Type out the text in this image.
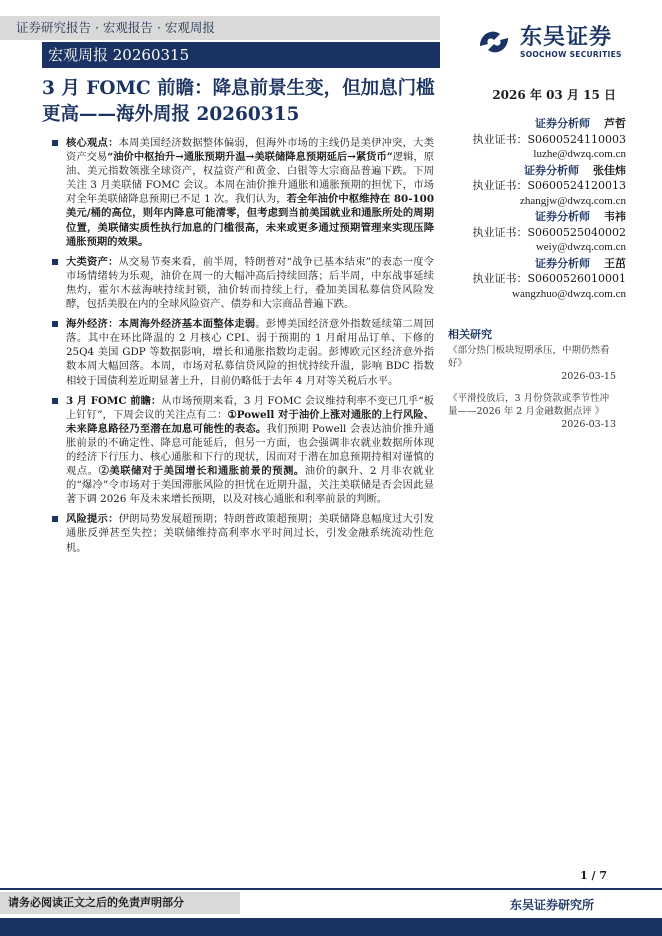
证券研究报告 · 宏观报告 · 宏观周报
宏观周报 20260315
东吴证券
SOOCHOW SECURITIES
3 月 FOMC 前瞻：降息前景生变，但加息门槛更高——海外周报 20260315
2026 年 03 月 15 日
核心观点：本周美国经济数据整体偏弱，但海外市场的主线仍是美伊冲突，大类资产交易“油价中枢抬升→通胀预期升温→美联储降息预期延后→紧货币”逻辑，原油、美元指数领涨全球资产，权益资产和黄金、白银等大宗商品普遍下跌。下周关注 3 月美联储 FOMC 会议。本周在油价推升通胀和通胀预期的担忧下，市场对全年美联储降息预期已不足 1 次。我们认为，若全年油价中枢维持在 80-100 美元/桶的高位，则年内降息可能清零，但考虑到当前美国就业和通胀所处的周期位置，美联储实质性执行加息的门槛很高，未来或更多通过预期管理来实现压降通胀预期的效果。
大类资产：从交易节奏来看，前半周，特朗普对“战争已基本结束”的表态一度令市场情绪转为乐观，油价在周一的大幅冲高后持续回落；后半周，中东战事延续焦灼，霍尔木兹海峡持续封锁，油价转而持续上行，叠加美国私募信贷风险发酵，包括美股在内的全球风险资产、债券和大宗商品普遍下跌。
海外经济：本周海外经济基本面整体走弱。彭博美国经济意外指数延续第二周回落。其中在环比降温的 2 月核心 CPI、弱于预期的 1 月耐用品订单、下修的 25Q4 美国 GDP 等数据影响，增长和通胀指数均走弱。彭博欧元区经济意外指数本周大幅回落。本周，市场对私募信贷风险的担忧持续升温，影响 BDC 指数相较于国债利差近期显著上升，目前仍略低于去年 4 月对等关税后水平。
3 月 FOMC 前瞻：从市场预期来看，3 月 FOMC 会议维持利率不变已几乎“板上钉钉”，下周会议的关注点有二：①Powell 对于油价上涨对通胀的上行风险、未来降息路径乃至潜在加息可能性的表态。我们预期 Powell 会表达油价推升通胀前景的不确定性、降息可能延后，但另一方面，也会强调非农就业数据所体现的经济下行压力、核心通胀和下行的现状，因而对于潜在加息预期持相对谨慎的观点。②美联储对于美国增长和通胀前景的预测。油价的飙升、2 月非农就业的“爆冷”令市场对于美国滞胀风险的担忧在近期升温，关注美联储是否会因此显著下调 2026 年及未来增长预期，以及对核心通胀和利率前景的判断。
风险提示：伊朗局势发展超预期；特朗普政策超预期；美联储降息幅度过大引发通胀反弹甚至失控；美联储维持高利率水平时间过长，引发金融系统流动性危机。
证券分析师 芦哲
执业证书：S0600524110003
luzhe@dwzq.com.cn
证券分析师 张佳炜
执业证书：S0600524120013
zhangjw@dwzq.com.cn
证券分析师 韦祎
执业证书：S0600525040002
weiy@dwzq.com.cn
证券分析师 王茁
执业证书：S0600526010001
wangzhuo@dwzq.com.cn
相关研究
《部分热门板块短期承压，中期仍然看好》
2026-03-15
《平滑投放后，3 月份贷款或季节性冲量——2026 年 2 月金融数据点评 》
2026-03-13
1 / 7
请务必阅读正文之后的免责声明部分	东吴证券研究所
